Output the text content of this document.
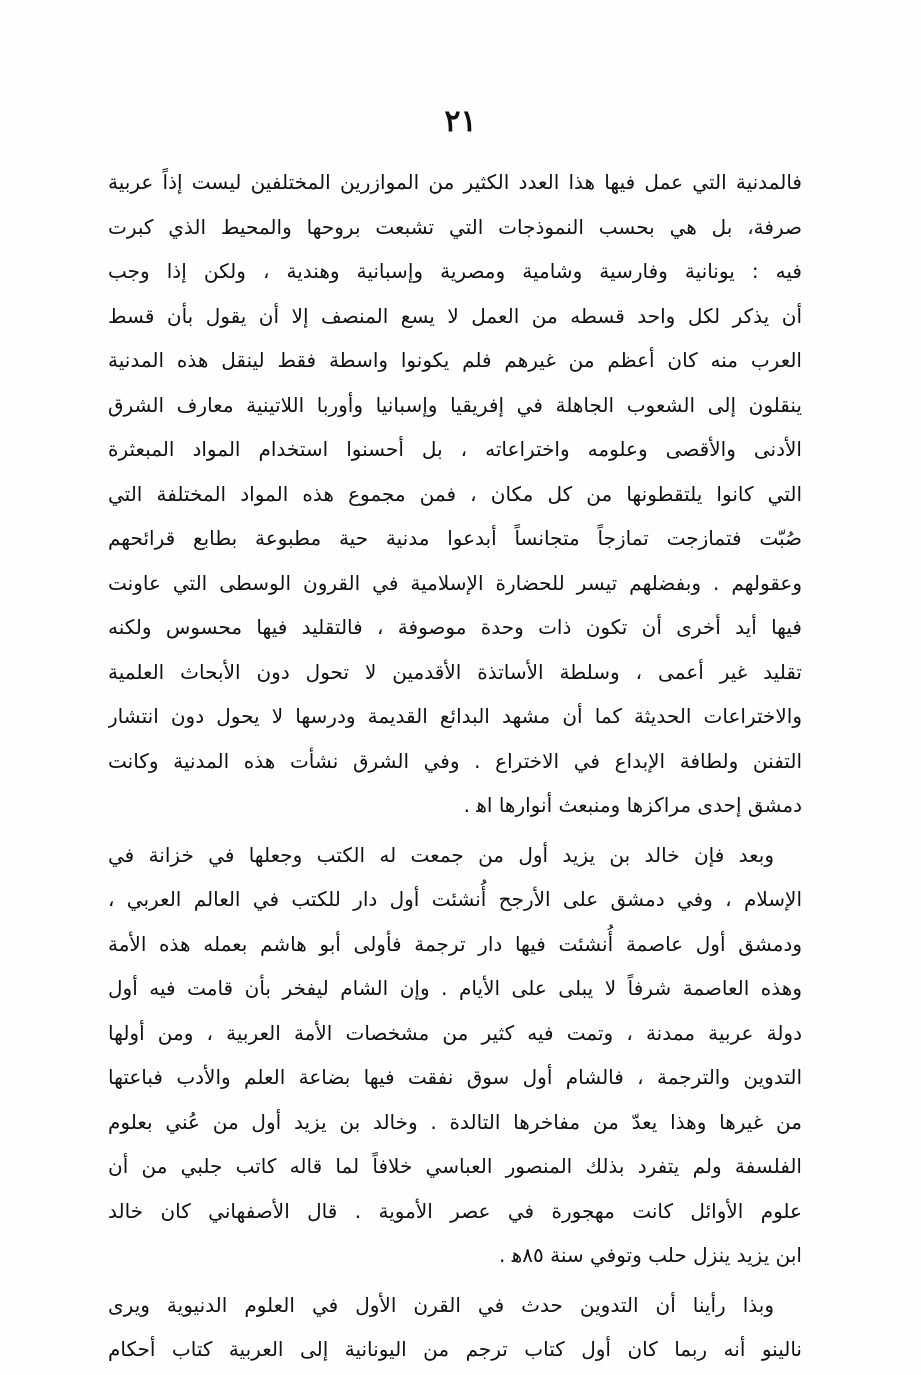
٢١
فالمدنية التي عمل فيها هذا العدد الكثير من الموازرين المختلفين ليست إذاً عربية
صرفة، بل هي بحسب النموذجات التي تشبعت بروحها والمحيط الذي كبرت
فيه : يونانية وفارسية وشامية ومصرية وإسبانية وهندية ، ولكن إذا وجب
أن يذكر لكل واحد قسطه من العمل لا يسع المنصف إلا أن يقول بأن قسط
العرب منه كان أعظم من غيرهم فلم يكونوا واسطة فقط لينقل هذه المدنية
ينقلون إلى الشعوب الجاهلة في إفريقيا وإسبانيا وأوربا اللاتينية معارف الشرق
الأدنى والأقصى وعلومه واختراعاته ، بل أحسنوا استخدام المواد المبعثرة
التي كانوا يلتقطونها من كل مكان ، فمن مجموع هذه المواد المختلفة التي
صُبّت فتمازجت تمازجاً متجانساً أبدعوا مدنية حية مطبوعة بطابع قرائحهم
وعقولهم . وبفضلهم تيسر للحضارة الإسلامية في القرون الوسطى التي عاونت
فيها أيد أخرى أن تكون ذات وحدة موصوفة ، فالتقليد فيها محسوس ولكنه
تقليد غير أعمى ، وسلطة الأساتذة الأقدمين لا تحول دون الأبحاث العلمية
والاختراعات الحديثة كما أن مشهد البدائع القديمة ودرسها لا يحول دون انتشار
التفنن ولطافة الإبداع في الاختراع . وفي الشرق نشأت هذه المدنية وكانت
دمشق إحدى مراكزها ومنبعث أنوارها اﻫ .
وبعد فإن خالد بن يزيد أول من جمعت له الكتب وجعلها في خزانة في
الإسلام ، وفي دمشق على الأرجح أُنشئت أول دار للكتب في العالم العربي ،
ودمشق أول عاصمة أُنشئت فيها دار ترجمة فأولى أبو هاشم بعمله هذه الأمة
وهذه العاصمة شرفاً لا يبلى على الأيام . وإن الشام ليفخر بأن قامت فيه أول
دولة عربية ممدنة ، وتمت فيه كثير من مشخصات الأمة العربية ، ومن أولها
التدوين والترجمة ، فالشام أول سوق نفقت فيها بضاعة العلم والأدب فباعتها
من غيرها وهذا يعدّ من مفاخرها التالدة . وخالد بن يزيد أول من عُني بعلوم
الفلسفة ولم يتفرد بذلك المنصور العباسي خلافاً لما قاله كاتب جلبي من أن
علوم الأوائل كانت مهجورة في عصر الأموية . قال الأصفهاني كان خالد
ابن يزيد ينزل حلب وتوفي سنة ٨٥ﻫ .
وبذا رأينا أن التدوين حدث في القرن الأول في العلوم الدنيوية ويرى
نالينو أنه ربما كان أول كتاب ترجم من اليونانية إلى العربية كتاب أحكام
